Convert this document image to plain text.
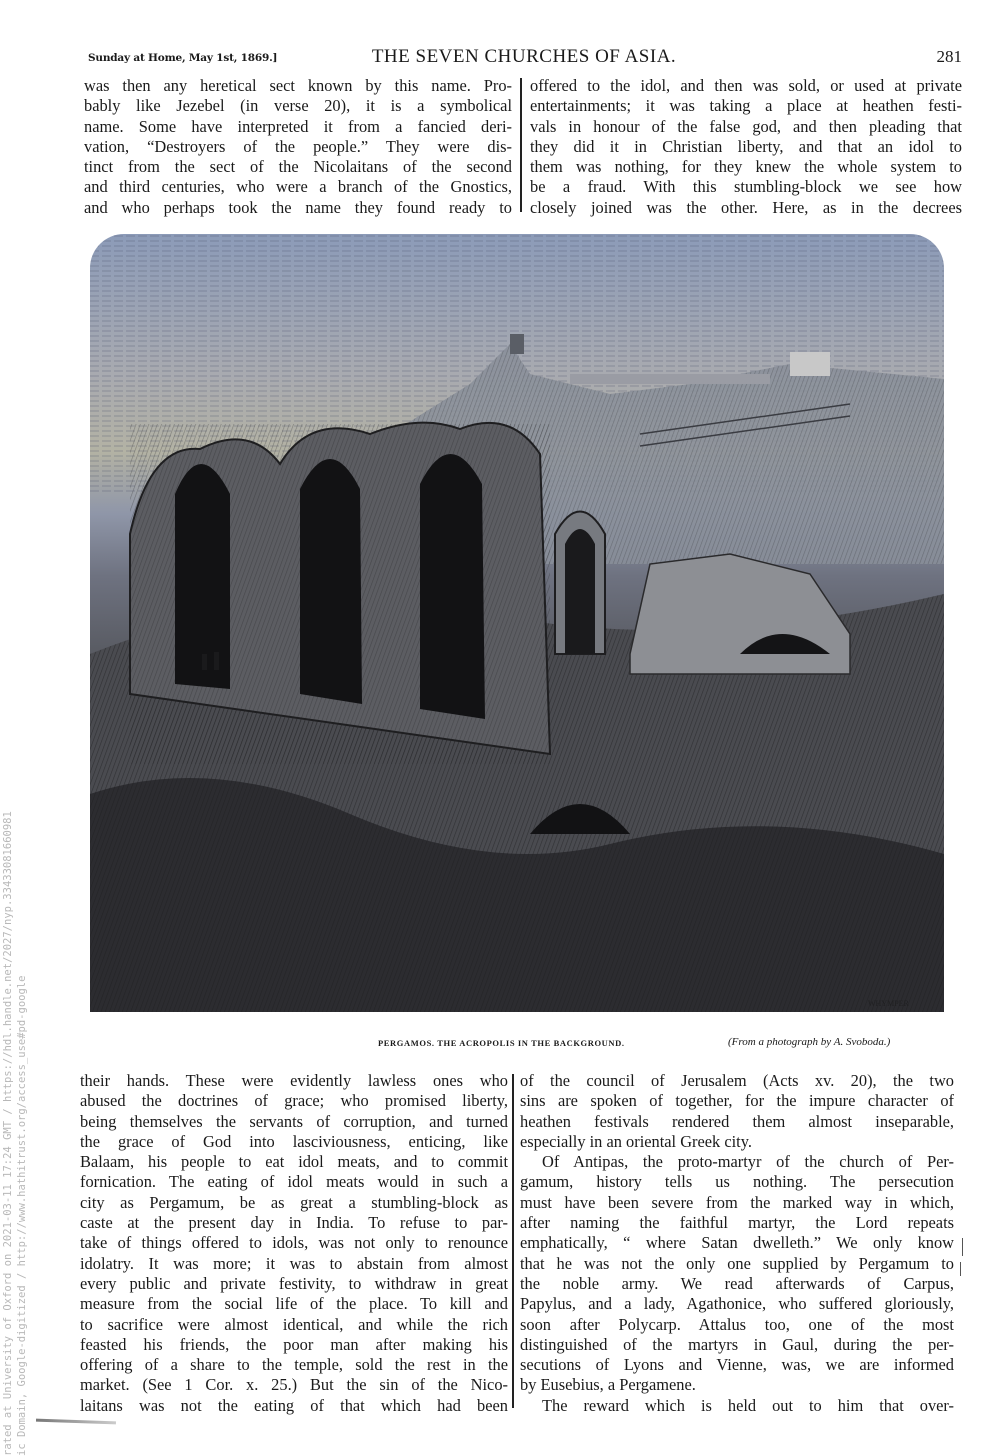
Sunday at Home, May 1st, 1869.]	THE SEVEN CHURCHES OF ASIA.	281
was then any heretical sect known by this name. Pro-
bably like Jezebel (in verse 20), it is a symbolical
name. Some have interpreted it from a fancied deri-
vation, “Destroyers of the people.” They were dis-
tinct from the sect of the Nicolaitans of the second
and third centuries, who were a branch of the Gnostics,
and who perhaps took the name they found ready to
offered to the idol, and then was sold, or used at private
entertainments; it was taking a place at heathen festi-
vals in honour of the false god, and then pleading that
they did it in Christian liberty, and that an idol to
them was nothing, for they knew the whole system to
be a fraud. With this stumbling-block we see how
closely joined was the other. Here, as in the decrees
WHYMPER
PERGAMOS. THE ACROPOLIS IN THE BACKGROUND.	(From a photograph by A. Svoboda.)
their hands. These were evidently lawless ones who
abused the doctrines of grace; who promised liberty,
being themselves the servants of corruption, and turned
the grace of God into lasciviousness, enticing, like
Balaam, his people to eat idol meats, and to commit
fornication. The eating of idol meats would in such a
city as Pergamum, be as great a stumbling-block as
caste at the present day in India. To refuse to par-
take of things offered to idols, was not only to renounce
idolatry. It was more; it was to abstain from almost
every public and private festivity, to withdraw in great
measure from the social life of the place. To kill and
to sacrifice were almost identical, and while the rich
feasted his friends, the poor man after making his
offering of a share to the temple, sold the rest in the
market. (See 1 Cor. x. 25.) But the sin of the Nico-
laitans was not the eating of that which had been
of the council of Jerusalem (Acts xv. 20), the two
sins are spoken of together, for the impure character of
heathen festivals rendered them almost inseparable,
especially in an oriental Greek city.
Of Antipas, the proto-martyr of the church of Per-
gamum, history tells us nothing. The persecution
must have been severe from the marked way in which,
after naming the faithful martyr, the Lord repeats
emphatically, “ where Satan dwelleth.” We only know
that he was not the only one supplied by Pergamum to
the noble army. We read afterwards of Carpus,
Papylus, and a lady, Agathonice, who suffered gloriously,
soon after Polycarp. Attalus too, one of the most
distinguished of the martyrs in Gaul, during the per-
secutions of Lyons and Vienne, was, we are informed
by Eusebius, a Pergamene.
The reward which is held out to him that over-
rated at University of Oxford on 2021-03-11 17:24 GMT / https://hdl.handle.net/2027/nyp.33433081660981 ic Domain, Google-digitized / http://www.hathitrust.org/access_use#pd-google
